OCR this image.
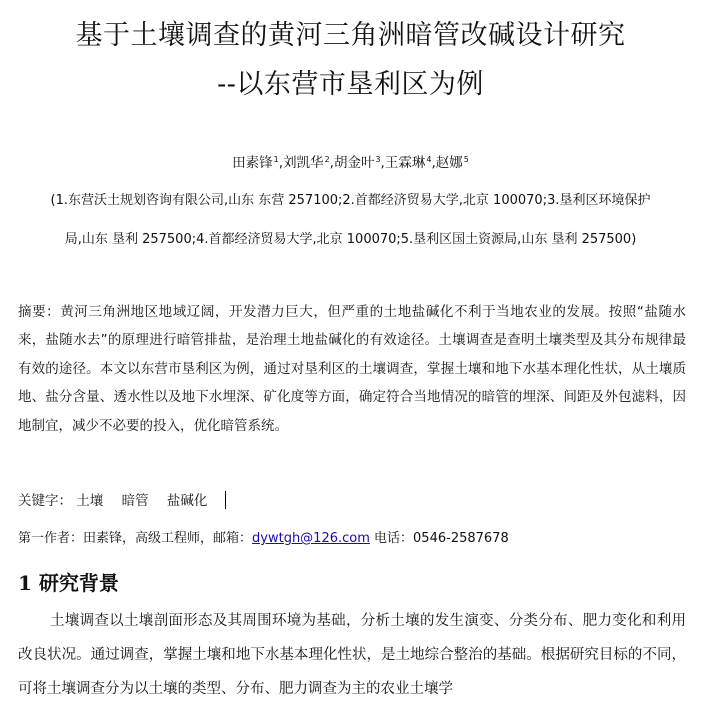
基于土壤调查的黄河三角洲暗管改碱设计研究
--以东营市垦利区为例
田素锋$^1$,刘凯华$^2$,胡金叶$^3$,王霖琳$^4$,赵娜$^5$
(1.东营沃土规划咨询有限公司,山东 东营 257100;2.首都经济贸易大学,北京 100070;3.垦利区环境保护
局,山东 垦利 257500;4.首都经济贸易大学,北京 100070;5.垦利区国土资源局,山东 垦利 257500)
摘要：黄河三角洲地区地域辽阔，开发潜力巨大，但严重的土地盐碱化不利于当地农业的发展。按照“盐随水来，盐随水去”的原理进行暗管排盐，是治理土地盐碱化的有效途径。土壤调查是查明土壤类型及其分布规律最有效的途径。本文以东营市垦利区为例，通过对垦利区的土壤调查，掌握土壤和地下水基本理化性状，从土壤质地、盐分含量、透水性以及地下水埋深、矿化度等方面，确定符合当地情况的暗管的埋深、间距及外包滤料，因地制宜，减少不必要的投入，优化暗管系统。
关键字： 土壤 暗管 盐碱化
第一作者：田素锋，高级工程师，邮箱：dywtgh@126.com 电话：0546-2587678
1 研究背景
土壤调查以土壤剖面形态及其周围环境为基础，分析土壤的发生演变、分类分布、肥力变化和利用改良状况。通过调查，掌握土壤和地下水基本理化性状，是土地综合整治的基础。根据研究目标的不同，可将土壤调查分为以土壤的类型、分布、肥力调查为主的农业土壤学
